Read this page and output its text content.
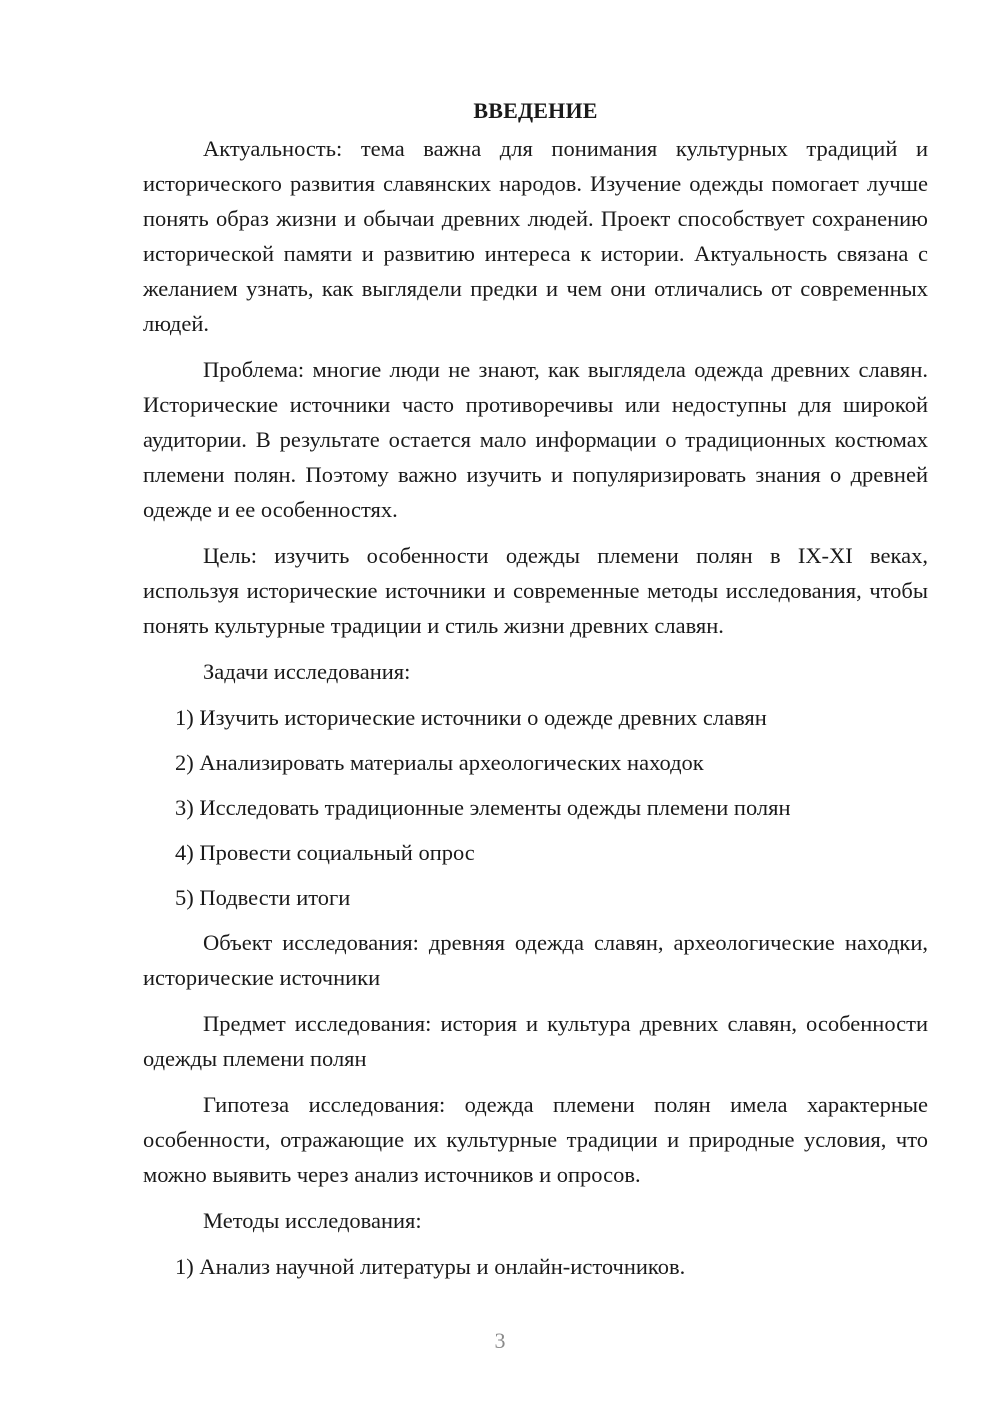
ВВЕДЕНИЕ

Актуальность: тема важна для понимания культурных традиций и исторического развития славянских народов. Изучение одежды помогает лучше понять образ жизни и обычаи древних людей. Проект способствует сохранению исторической памяти и развитию интереса к истории. Актуальность связана с желанием узнать, как выглядели предки и чем они отличались от современных людей.

Проблема: многие люди не знают, как выглядела одежда древних славян. Исторические источники часто противоречивы или недоступны для широкой аудитории. В результате остается мало информации о традиционных костюмах племени полян. Поэтому важно изучить и популяризировать знания о древней одежде и ее особенностях.

Цель: изучить особенности одежды племени полян в IX-XI веках, используя исторические источники и современные методы исследования, чтобы понять культурные традиции и стиль жизни древних славян.

Задачи исследования:

1) Изучить исторические источники о одежде древних славян
2) Анализировать материалы археологических находок
3) Исследовать традиционные элементы одежды племени полян
4) Провести социальный опрос
5) Подвести итоги

Объект исследования: древняя одежда славян, археологические находки, исторические источники

Предмет исследования: история и культура древних славян, особенности одежды племени полян

Гипотеза исследования: одежда племени полян имела характерные особенности, отражающие их культурные традиции и природные условия, что можно выявить через анализ источников и опросов.

Методы исследования:

1) Анализ научной литературы и онлайн-источников.
3
